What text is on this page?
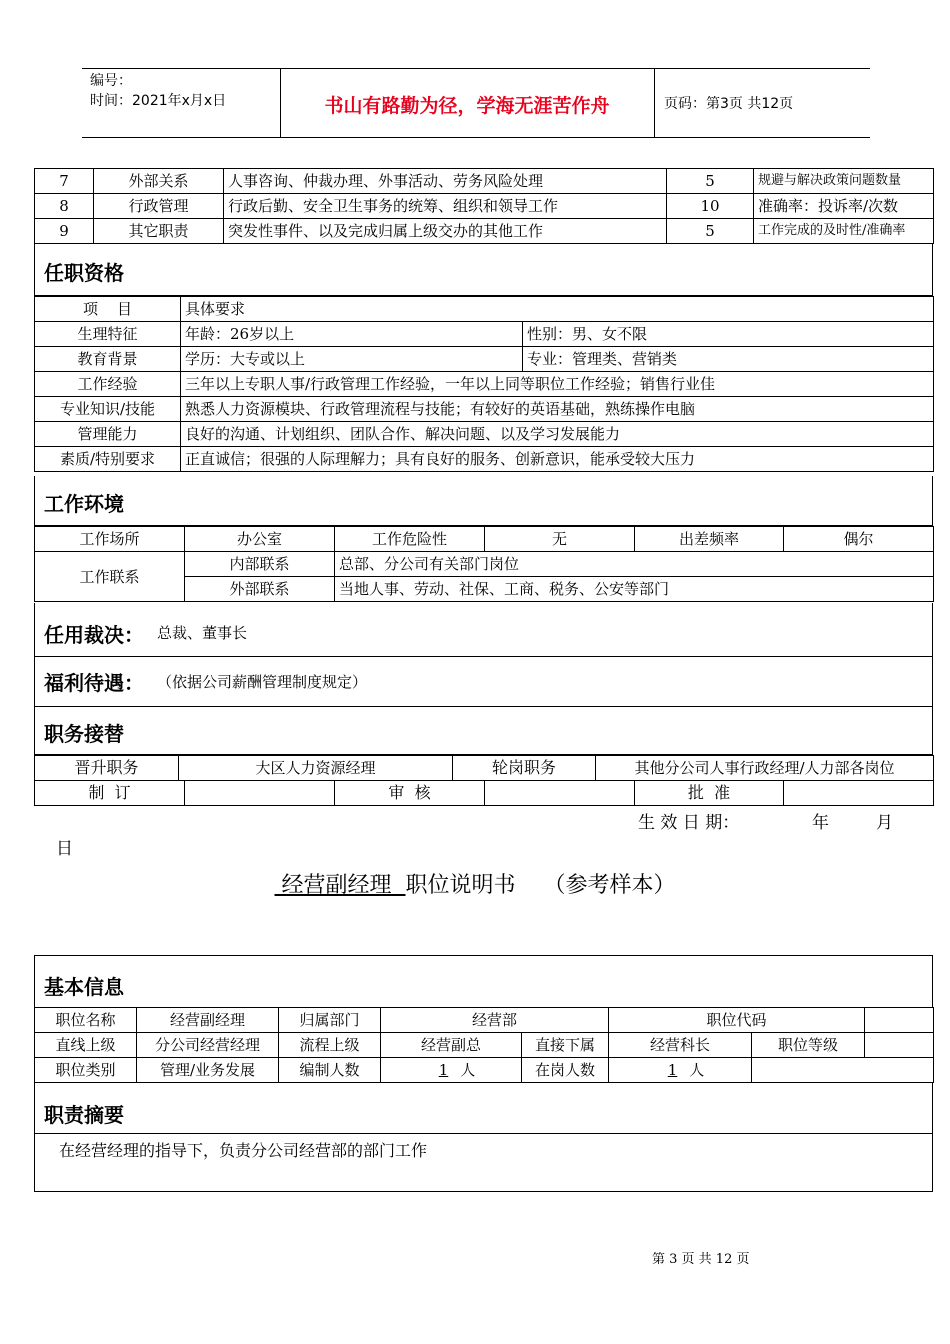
编号：
时间：2021年x月x日	书山有路勤为径，学海无涯苦作舟	页码：第3页 共12页
7	外部关系	人事咨询、仲裁办理、外事活动、劳务风险处理	5	规避与解决政策问题数量
8	行政管理	行政后勤、安全卫生事务的统筹、组织和领导工作	10	准确率：投诉率/次数
9	其它职责	突发性事件、以及完成归属上级交办的其他工作	5	工作完成的及时性/准确率
任职资格
项    目	具体要求	
生理特征	年龄：26岁以上	性别：男、女不限
教育背景	学历：大专或以上	专业：管理类、营销类
工作经验	三年以上专职人事/行政管理工作经验，一年以上同等职位工作经验；销售行业佳	
专业知识/技能	熟悉人力资源模块、行政管理流程与技能；有较好的英语基础，熟练操作电脑	
管理能力	良好的沟通、计划组织、团队合作、解决问题、以及学习发展能力	
素质/特别要求	正直诚信；很强的人际理解力；具有良好的服务、创新意识，能承受较大压力	
工作环境
工作场所	办公室	工作危险性	无	出差频率	偶尔
工作联系	内部联系	总部、分公司有关部门岗位			
	外部联系	当地人事、劳动、社保、工商、税务、公安等部门			
任用裁决： 总裁、董事长
福利待遇： （依据公司薪酬管理制度规定）
职务接替
晋升职务	大区人力资源经理	轮岗职务	其他分公司人事行政经理/人力部各岗位
制  订		审  核		批  准	
生 效 日 期：	年	月
日
经营副经理  职位说明书    （参考样本）
基本信息
职位名称	经营副经理	归属部门	经营部		职位代码		
直线上级	分公司经营经理	流程上级	经营副总	直接下属	经营科长	职位等级	
职位类别	管理/业务发展	编制人数	1 人	在岗人数	1 人		
职责摘要
在经营经理的指导下，负责分公司经营部的部门工作
第 3 页 共 12 页
